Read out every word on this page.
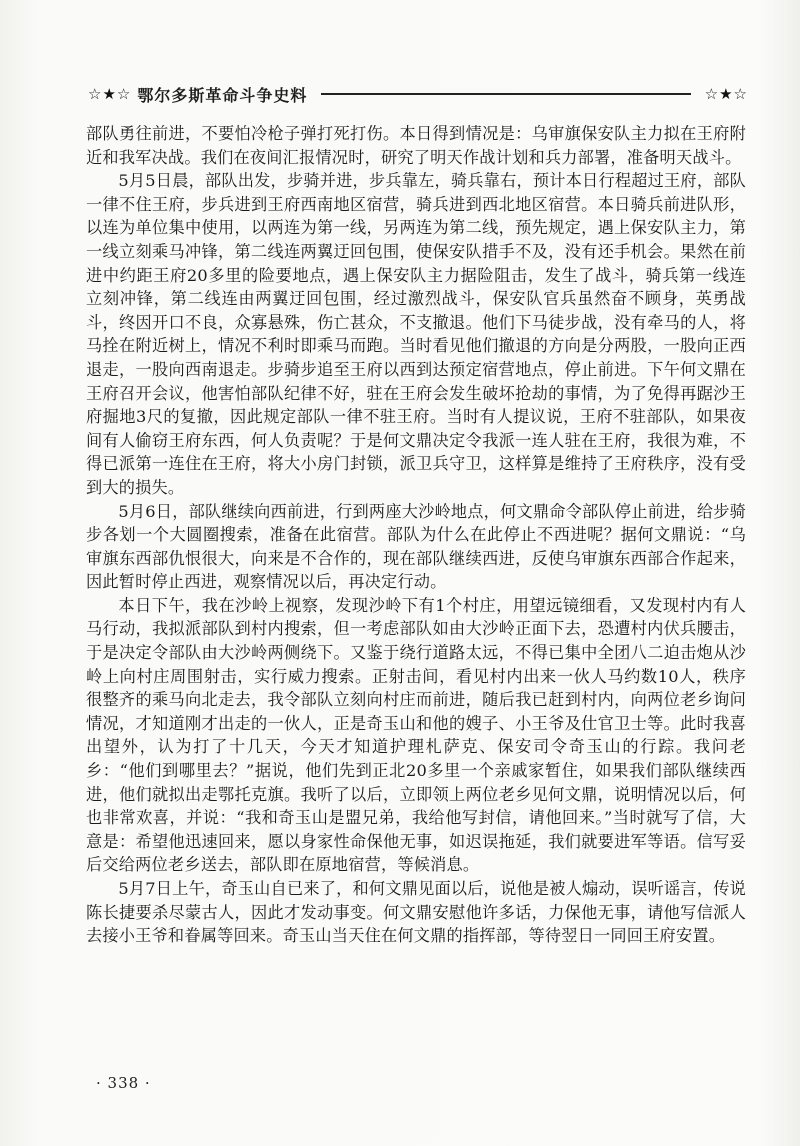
☆★☆ 鄂尔多斯革命斗争史料	☆★☆

部队勇往前进，不要怕冷枪子弹打死打伤。本日得到情况是：乌审旗保安队主力拟在王府附近和我军决战。我们在夜间汇报情况时，研究了明天作战计划和兵力部署，准备明天战斗。

5月5日晨，部队出发，步骑并进，步兵靠左，骑兵靠右，预计本日行程超过王府，部队一律不住王府，步兵进到王府西南地区宿营，骑兵进到西北地区宿营。本日骑兵前进队形，以连为单位集中使用，以两连为第一线，另两连为第二线，预先规定，遇上保安队主力，第一线立刻乘马冲锋，第二线连两翼迂回包围，使保安队措手不及，没有还手机会。果然在前进中约距王府20多里的险要地点，遇上保安队主力据险阻击，发生了战斗，骑兵第一线连立刻冲锋，第二线连由两翼迂回包围，经过激烈战斗，保安队官兵虽然奋不顾身，英勇战斗，终因开口不良，众寡悬殊，伤亡甚众，不支撤退。他们下马徒步战，没有牵马的人，将马拴在附近树上，情况不利时即乘马而跑。当时看见他们撤退的方向是分两股，一股向正西退走，一股向西南退走。步骑步追至王府以西到达预定宿营地点，停止前进。下午何文鼎在王府召开会议，他害怕部队纪律不好，驻在王府会发生破坏抢劫的事情，为了免得再踞沙王府掘地3尺的复撤，因此规定部队一律不驻王府。当时有人提议说，王府不驻部队，如果夜间有人偷窃王府东西，何人负责呢？于是何文鼎决定令我派一连人驻在王府，我很为难，不得已派第一连住在王府，将大小房门封锁，派卫兵守卫，这样算是维持了王府秩序，没有受到大的损失。

5月6日，部队继续向西前进，行到两座大沙岭地点，何文鼎命令部队停止前进，给步骑步各划一个大圆圈搜索，准备在此宿营。部队为什么在此停止不西进呢？据何文鼎说：“乌审旗东西部仇恨很大，向来是不合作的，现在部队继续西进，反使乌审旗东西部合作起来，因此暂时停止西进，观察情况以后，再决定行动。

本日下午，我在沙岭上视察，发现沙岭下有1个村庄，用望远镜细看，又发现村内有人马行动，我拟派部队到村内搜索，但一考虑部队如由大沙岭正面下去，恐遭村内伏兵腰击，于是决定令部队由大沙岭两侧绕下。又鉴于绕行道路太远，不得已集中全团八二迫击炮从沙岭上向村庄周围射击，实行威力搜索。正射击间，看见村内出来一伙人马约数10人，秩序很整齐的乘马向北走去，我令部队立刻向村庄而前进，随后我已赶到村内，向两位老乡询问情况，才知道刚才出走的一伙人，正是奇玉山和他的嫂子、小王爷及仕官卫士等。此时我喜出望外，认为打了十几天，今天才知道护理札萨克、保安司令奇玉山的行踪。我问老乡：“他们到哪里去？”据说，他们先到正北20多里一个亲戚家暂住，如果我们部队继续西进，他们就拟出走鄂托克旗。我听了以后，立即领上两位老乡见何文鼎，说明情况以后，何也非常欢喜，并说：“我和奇玉山是盟兄弟，我给他写封信，请他回来。”当时就写了信，大意是：希望他迅速回来，愿以身家性命保他无事，如迟误拖延，我们就要进军等语。信写妥后交给两位老乡送去，部队即在原地宿营，等候消息。

5月7日上午，奇玉山自已来了，和何文鼎见面以后，说他是被人煽动，误听谣言，传说陈长捷要杀尽蒙古人，因此才发动事变。何文鼎安慰他许多话，力保他无事，请他写信派人去接小王爷和眷属等回来。奇玉山当天住在何文鼎的指挥部，等待翌日一同回王府安置。

· 338 ·
